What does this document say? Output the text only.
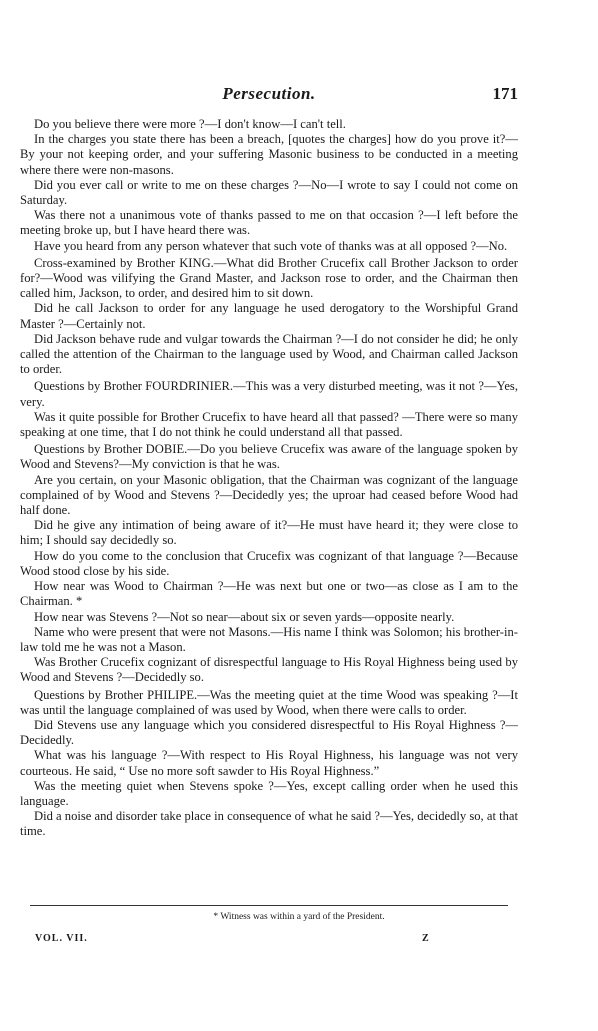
Persecution.	171

Do you believe there were more ?—I don't know—I can't tell.

In the charges you state there has been a breach, [quotes the charges] how do you prove it?—By your not keeping order, and your suffering Masonic business to be conducted in a meeting where there were non-masons.

Did you ever call or write to me on these charges ?—No—I wrote to say I could not come on Saturday.

Was there not a unanimous vote of thanks passed to me on that occasion ?—I left before the meeting broke up, but I have heard there was.

Have you heard from any person whatever that such vote of thanks was at all opposed ?—No.

Cross-examined by Brother KING.—What did Brother Crucefix call Brother Jackson to order for?—Wood was vilifying the Grand Master, and Jackson rose to order, and the Chairman then called him, Jackson, to order, and desired him to sit down.

Did he call Jackson to order for any language he used derogatory to the Worshipful Grand Master ?—Certainly not.

Did Jackson behave rude and vulgar towards the Chairman ?—I do not consider he did; he only called the attention of the Chairman to the language used by Wood, and Chairman called Jackson to order.

Questions by Brother FOURDRINIER.—This was a very disturbed meeting, was it not ?—Yes, very.

Was it quite possible for Brother Crucefix to have heard all that passed? —There were so many speaking at one time, that I do not think he could understand all that passed.

Questions by Brother DOBIE.—Do you believe Crucefix was aware of the language spoken by Wood and Stevens?—My conviction is that he was.

Are you certain, on your Masonic obligation, that the Chairman was cognizant of the language complained of by Wood and Stevens ?—Decidedly yes; the uproar had ceased before Wood had half done.

Did he give any intimation of being aware of it?—He must have heard it; they were close to him; I should say decidedly so.

How do you come to the conclusion that Crucefix was cognizant of that language ?—Because Wood stood close by his side.

How near was Wood to Chairman ?—He was next but one or two—as close as I am to the Chairman. *

How near was Stevens ?—Not so near—about six or seven yards—opposite nearly.

Name who were present that were not Masons.—His name I think was Solomon; his brother-in-law told me he was not a Mason.

Was Brother Crucefix cognizant of disrespectful language to His Royal Highness being used by Wood and Stevens ?—Decidedly so.

Questions by Brother PHILIPE.—Was the meeting quiet at the time Wood was speaking ?—It was until the language complained of was used by Wood, when there were calls to order.

Did Stevens use any language which you considered disrespectful to His Royal Highness ?—Decidedly.

What was his language ?—With respect to His Royal Highness, his language was not very courteous. He said, “ Use no more soft sawder to His Royal Highness.”

Was the meeting quiet when Stevens spoke ?—Yes, except calling order when he used this language.

Did a noise and disorder take place in consequence of what he said ?—Yes, decidedly so, at that time.

* Witness was within a yard of the President.
VOL. VII.	Z
